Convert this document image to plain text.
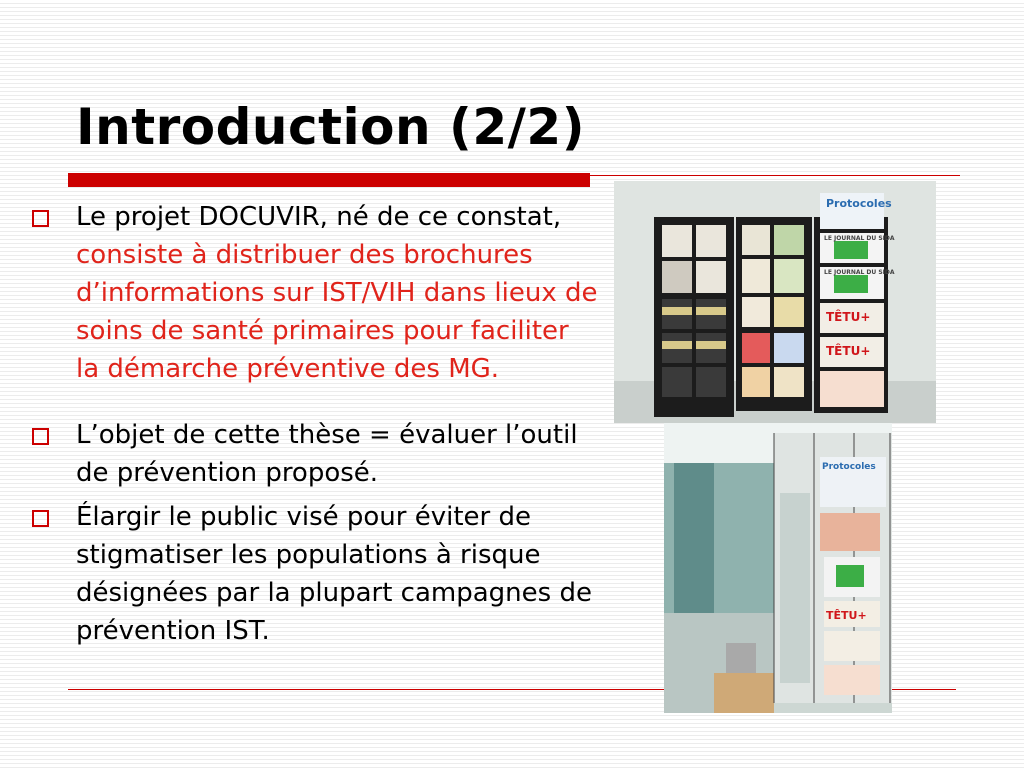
Introduction (2/2)
Le projet DOCUVIR, né de ce constat, consiste à distribuer des brochures d’informations sur IST/VIH dans lieux de soins de santé primaires pour faciliter la démarche préventive des MG.
L’objet de cette thèse = évaluer l’outil de prévention proposé.
Élargir le public visé pour éviter de stigmatiser les populations à risque désignées par la plupart campagnes de prévention IST.
Protocoles
LE JOURNAL DU SIDA
LE JOURNAL DU SIDA
TÊTU+
TÊTU+
Protocoles
TÊTU+
